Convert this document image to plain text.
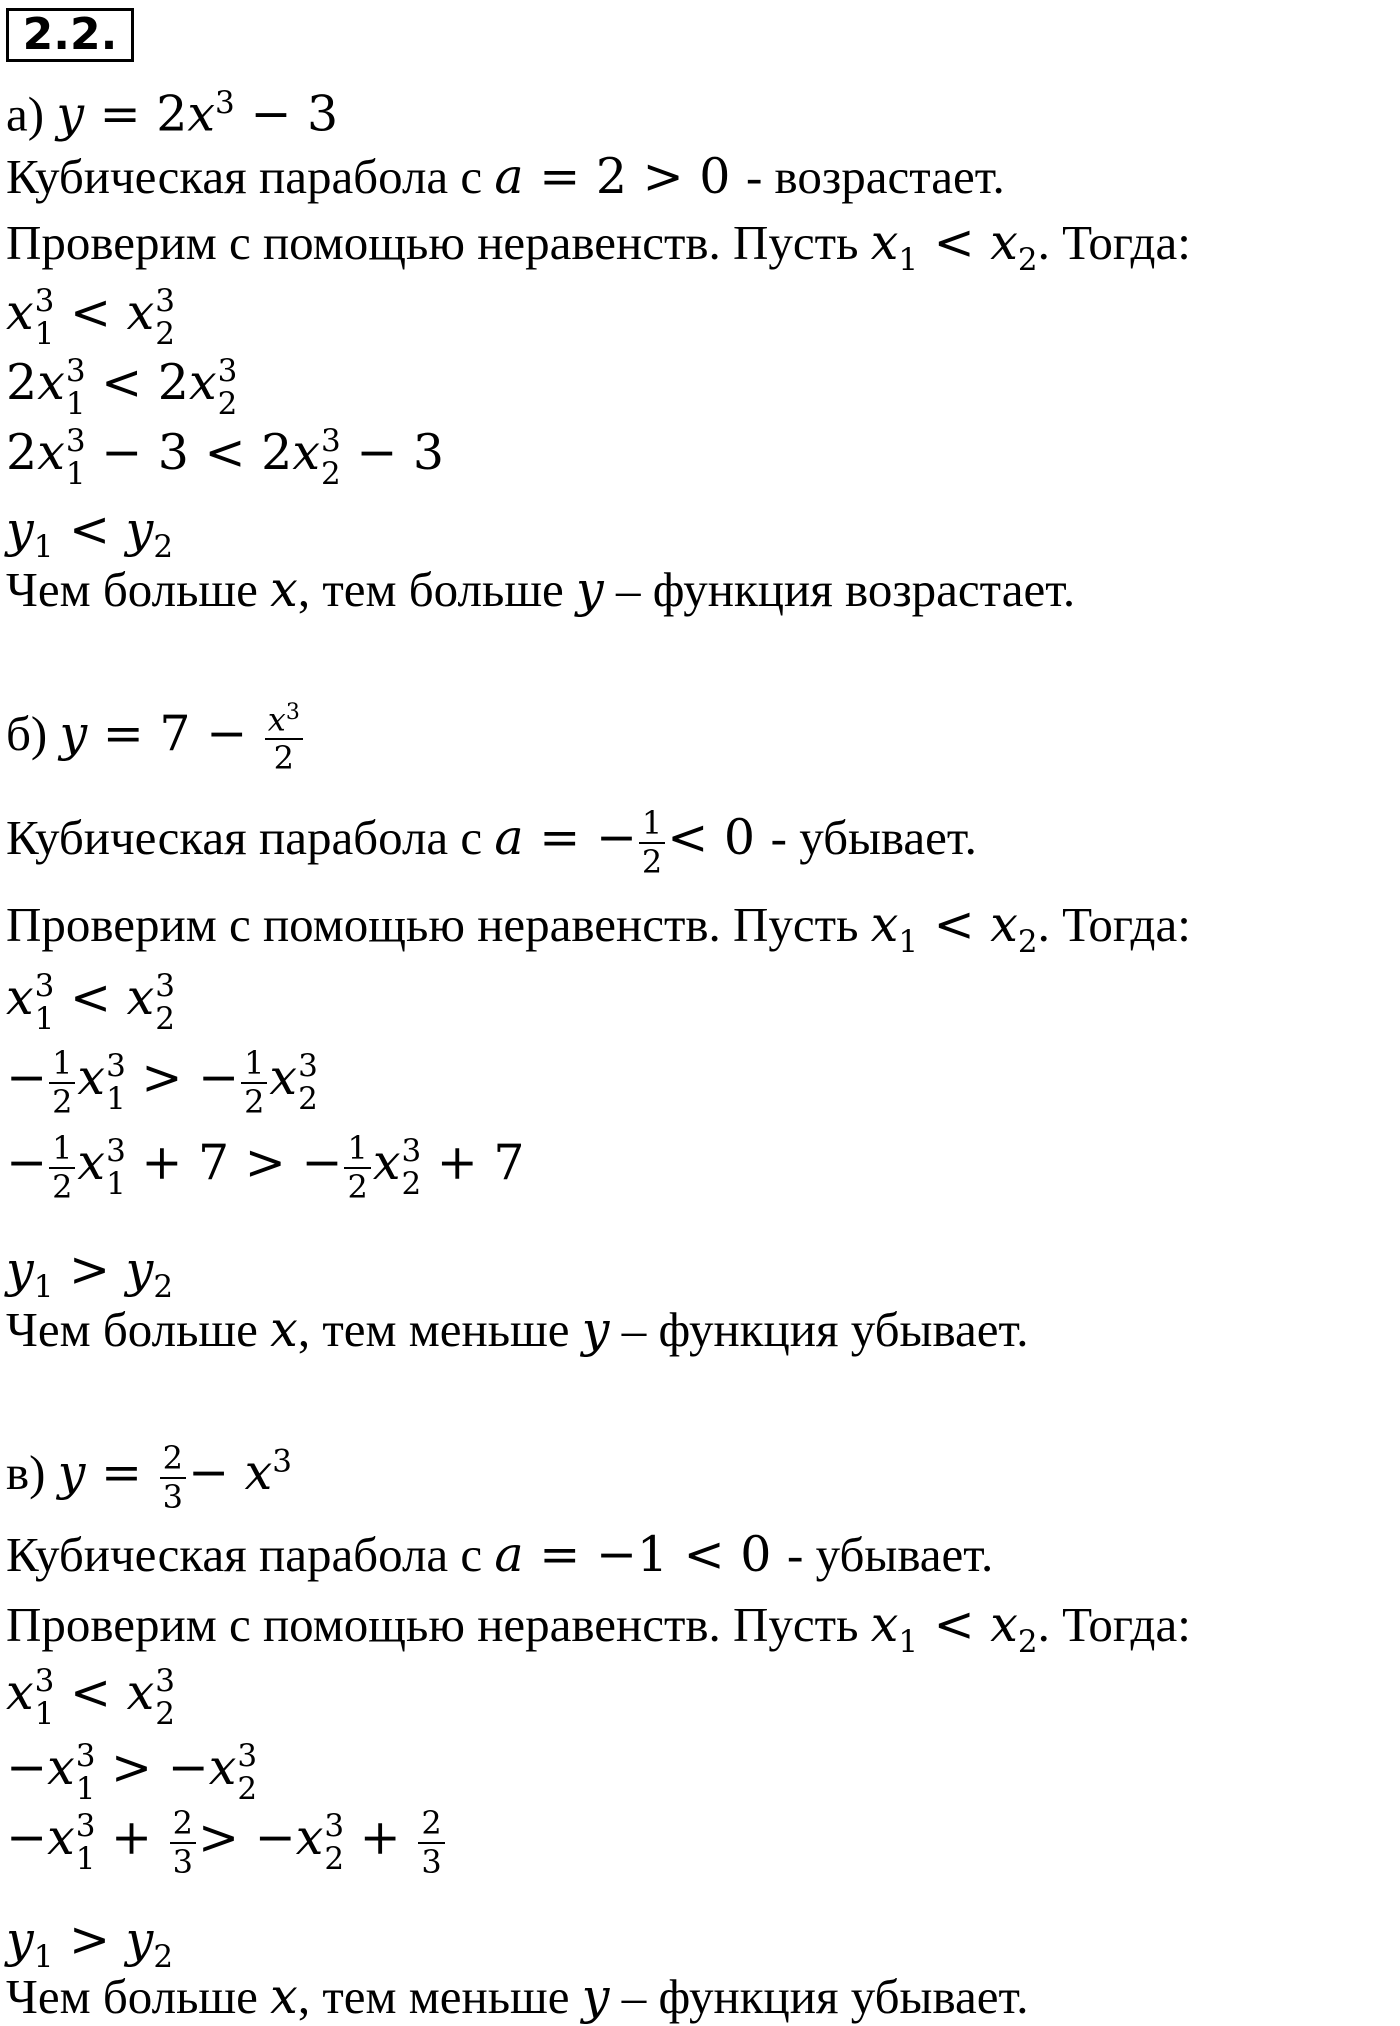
2.2.
а) $y = 2x^3 - 3$
Кубическая парабола с a = 2 > 0 - возрастает.
Проверим с помощью неравенств. Пусть $x_1 < x_2$. Тогда:
x 3
1 < x 3
2
2x 3
1 < 2x 3
2
2x 3
1 − 3 < 2x 3
2 − 3
$y_1 < y_2$
Чем больше x, тем больше y – функция возрастает.
б) $y = 7 - \frac{x^3}{2}$
Кубическая парабола с a = − $\frac{1}{2} < 0$ - убывает.
Проверим с помощью неравенств. Пусть $x_1 < x_2$. Тогда:
x 3
1 < x 3
2
− $\frac{1}{2}$ x 3
1 > − $\frac{1}{2}$ x 3
2
− $\frac{1}{2}$ x 3
1 + 7 > − $\frac{1}{2}$ x 3
2 + 7
$y_1 > y_2$
Чем больше x, тем меньше y – функция убывает.
в) $y = \frac{2}{3} - x^3$
Кубическая парабола с a = −1 < 0 - убывает.
Проверим с помощью неравенств. Пусть $x_1 < x_2$. Тогда:
x 3
1 < x 3
2
−x 3
1 > −x 3
2
−x 3
$1 + \frac{2}{3} > -x$ 3
$2 + \frac{2}{3}$
$y_1 > y_2$
Чем больше x, тем меньше y – функция убывает.
